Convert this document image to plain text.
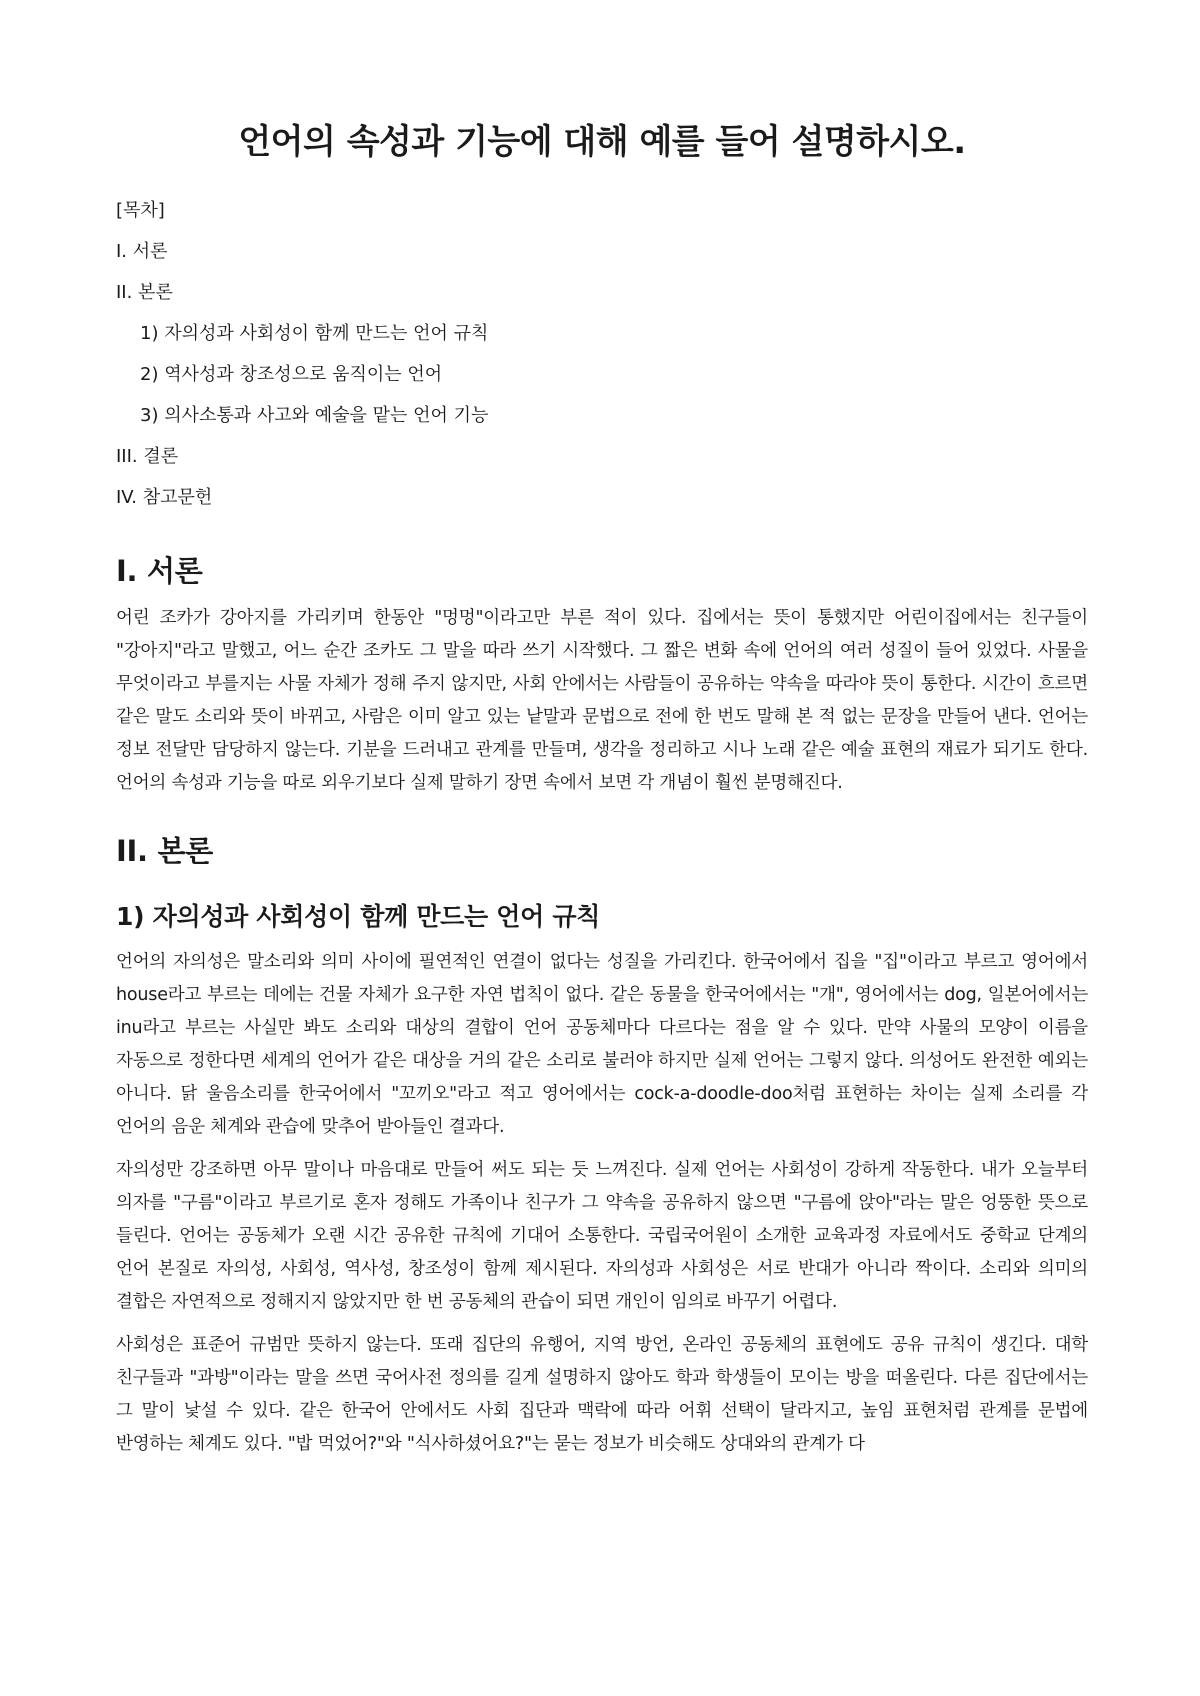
언어의 속성과 기능에 대해 예를 들어 설명하시오.
[목차]
I. 서론
II. 본론
1) 자의성과 사회성이 함께 만드는 언어 규칙
2) 역사성과 창조성으로 움직이는 언어
3) 의사소통과 사고와 예술을 맡는 언어 기능
III. 결론
IV. 참고문헌
I. 서론

어린 조카가 강아지를 가리키며 한동안 "멍멍"이라고만 부른 적이 있다. 집에서는 뜻이 통했지만 어린이집에서는 친구들이 "강아지"라고 말했고, 어느 순간 조카도 그 말을 따라 쓰기 시작했다. 그 짧은 변화 속에 언어의 여러 성질이 들어 있었다. 사물을 무엇이라고 부를지는 사물 자체가 정해 주지 않지만, 사회 안에서는 사람들이 공유하는 약속을 따라야 뜻이 통한다. 시간이 흐르면 같은 말도 소리와 뜻이 바뀌고, 사람은 이미 알고 있는 낱말과 문법으로 전에 한 번도 말해 본 적 없는 문장을 만들어 낸다. 언어는 정보 전달만 담당하지 않는다. 기분을 드러내고 관계를 만들며, 생각을 정리하고 시나 노래 같은 예술 표현의 재료가 되기도 한다. 언어의 속성과 기능을 따로 외우기보다 실제 말하기 장면 속에서 보면 각 개념이 훨씬 분명해진다.

II. 본론
1) 자의성과 사회성이 함께 만드는 언어 규칙

언어의 자의성은 말소리와 의미 사이에 필연적인 연결이 없다는 성질을 가리킨다. 한국어에서 집을 "집"이라고 부르고 영어에서 house라고 부르는 데에는 건물 자체가 요구한 자연 법칙이 없다. 같은 동물을 한국어에서는 "개", 영어에서는 dog, 일본어에서는 inu라고 부르는 사실만 봐도 소리와 대상의 결합이 언어 공동체마다 다르다는 점을 알 수 있다. 만약 사물의 모양이 이름을 자동으로 정한다면 세계의 언어가 같은 대상을 거의 같은 소리로 불러야 하지만 실제 언어는 그렇지 않다. 의성어도 완전한 예외는 아니다. 닭 울음소리를 한국어에서 "꼬끼오"라고 적고 영어에서는 cock-a-doodle-doo처럼 표현하는 차이는 실제 소리를 각 언어의 음운 체계와 관습에 맞추어 받아들인 결과다.

자의성만 강조하면 아무 말이나 마음대로 만들어 써도 되는 듯 느껴진다. 실제 언어는 사회성이 강하게 작동한다. 내가 오늘부터 의자를 "구름"이라고 부르기로 혼자 정해도 가족이나 친구가 그 약속을 공유하지 않으면 "구름에 앉아"라는 말은 엉뚱한 뜻으로 들린다. 언어는 공동체가 오랜 시간 공유한 규칙에 기대어 소통한다. 국립국어원이 소개한 교육과정 자료에서도 중학교 단계의 언어 본질로 자의성, 사회성, 역사성, 창조성이 함께 제시된다. 자의성과 사회성은 서로 반대가 아니라 짝이다. 소리와 의미의 결합은 자연적으로 정해지지 않았지만 한 번 공동체의 관습이 되면 개인이 임의로 바꾸기 어렵다.

사회성은 표준어 규범만 뜻하지 않는다. 또래 집단의 유행어, 지역 방언, 온라인 공동체의 표현에도 공유 규칙이 생긴다. 대학 친구들과 "과방"이라는 말을 쓰면 국어사전 정의를 길게 설명하지 않아도 학과 학생들이 모이는 방을 떠올린다. 다른 집단에서는 그 말이 낯설 수 있다. 같은 한국어 안에서도 사회 집단과 맥락에 따라 어휘 선택이 달라지고, 높임 표현처럼 관계를 문법에 반영하는 체계도 있다. "밥 먹었어?"와 "식사하셨어요?"는 묻는 정보가 비슷해도 상대와의 관계가 다
